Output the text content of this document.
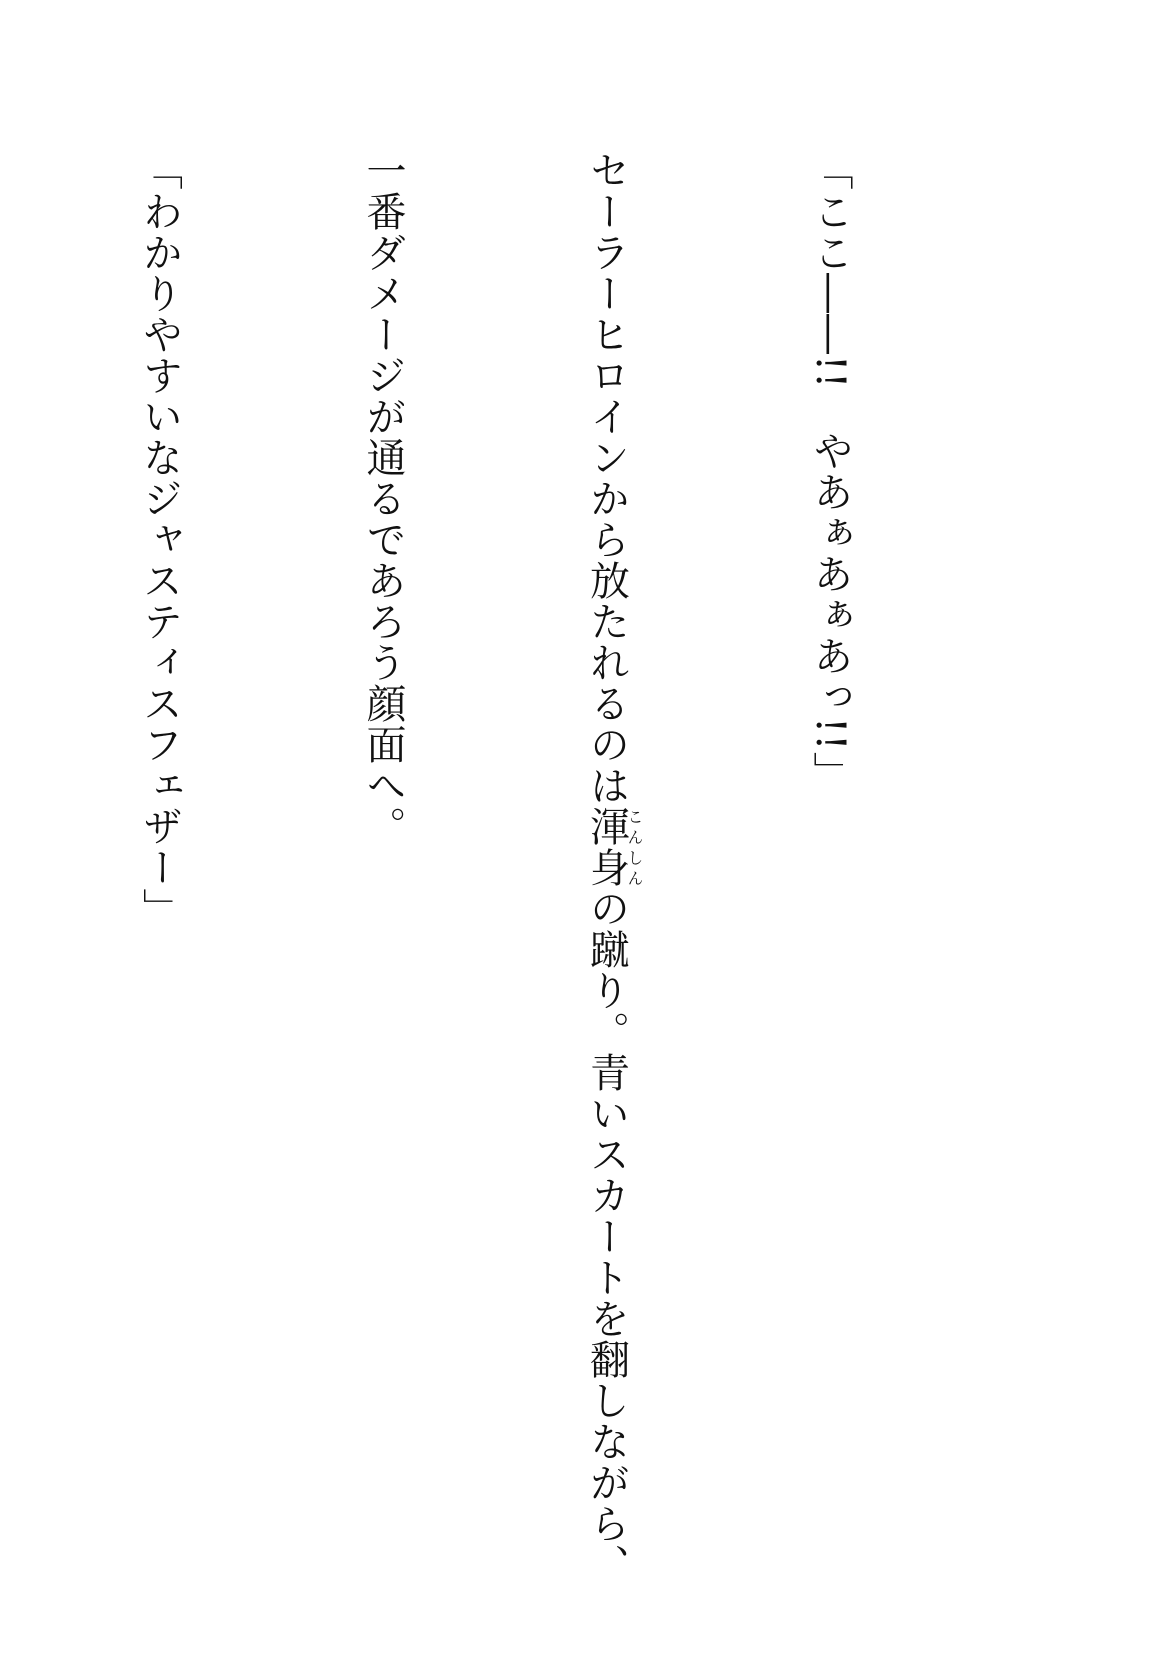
「ここ――!!　やあぁあぁあっ!!」

セーラーヒロインから放たれるのは渾身こんしんの蹴り。青いスカートを翻しながら、

一番ダメージが通るであろう顔面へ。

「わかりやすいなジャスティスフェザー」
